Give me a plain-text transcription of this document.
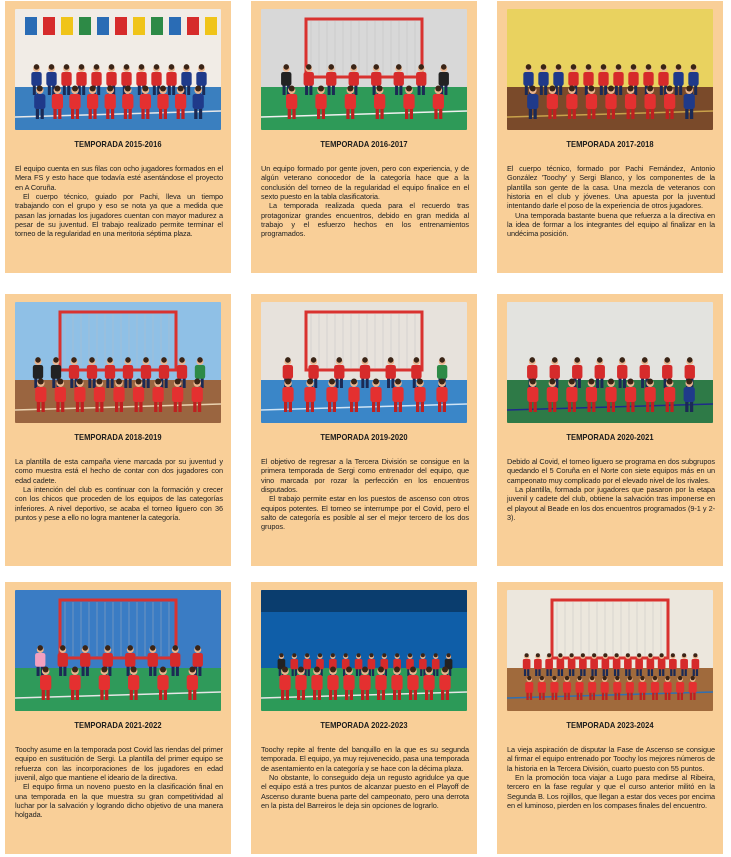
TEMPORADA 2015-2016

El equipo cuenta en sus filas con ocho jugadores formados en el Mera FS y esto hace que todavía esté asentándose el proyecto en A Coruña.

El cuerpo técnico, guiado por Pachi, lleva un tiempo trabajando con el grupo y eso se nota ya que a medida que pasan las jornadas los jugadores cuentan con mayor madurez a pesar de su juventud. El trabajo realizado permite terminar el torneo de la regularidad en una meritoria séptima plaza.

TEMPORADA 2016-2017

Un equipo formado por gente joven, pero con experiencia, y de algún veterano conocedor de la categoría hace que a la conclusión del torneo de la regularidad el equipo finalice en el sexto puesto en la tabla clasificatoria.

La temporada realizada queda para el recuerdo tras protagonizar grandes encuentros, debido en gran medida al trabajo y el esfuerzo hechos en los entrenamientos programados.

TEMPORADA 2017-2018

El cuerpo técnico, formado por Pachi Fernández, Antonio González 'Toochy' y Sergi Blanco, y los componentes de la plantilla son gente de la casa. Una mezcla de veteranos con historia en el club y jóvenes. Una apuesta por la juventud intentando darle el poso de la experiencia de otros jugadores.

Una temporada bastante buena que refuerza a la directiva en la idea de formar a los integrantes del equipo al finalizar en la undécima posición.

TEMPORADA 2018-2019

La plantilla de esta campaña viene marcada por su juventud y como muestra está el hecho de contar con dos jugadores con edad cadete.

La intención del club es continuar con la formación y crecer con los chicos que proceden de los equipos de las categorías inferiores. A nivel deportivo, se acaba el torneo liguero con 36 puntos y pese a ello no logra mantener la categoría.

TEMPORADA 2019-2020

El objetivo de regresar a la Tercera División se consigue en la primera temporada de Sergi como entrenador del equipo, que vino marcada por rozar la perfección en los encuentros disputados.

El trabajo permite estar en los puestos de ascenso con otros equipos potentes. El torneo se interrumpe por el Covid, pero el salto de categoría es posible al ser el mejor tercero de los dos grupos.

TEMPORADA 2020-2021

Debido al Covid, el torneo liguero se programa en dos subgrupos quedando el 5 Coruña en el Norte con siete equipos más en un campeonato muy complicado por el elevado nivel de los rivales.

La plantilla, formada por jugadores que pasaron por la etapa juvenil y cadete del club, obtiene la salvación tras imponerse en el playout al Beade en los dos encuentros programados (9-1 y 2-3).

TEMPORADA 2021-2022

Toochy asume en la temporada post Covid las riendas del primer equipo en sustitución de Sergi. La plantilla del primer equipo se refuerza con las incorporaciones de los jugadores en edad juvenil, algo que mantiene el ideario de la directiva.

El equipo firma un noveno puesto en la clasificación final en una temporada en la que muestra su gran competitividad al luchar por la salvación y logrando dicho objetivo de una manera holgada.

TEMPORADA 2022-2023

Toochy repite al frente del banquillo en la que es su segunda temporada. El equipo, ya muy rejuvenecido, pasa una temporada de asentamiento en la categoría y se hace con la décima plaza.

No obstante, lo conseguido deja un regusto agridulce ya que el equipo está a tres puntos de alcanzar puesto en el Playoff de Ascenso durante buena parte del campeonato, pero una derrota en la pista del Barreiros le deja sin opciones de lograrlo.

TEMPORADA 2023-2024

La vieja aspiración de disputar la Fase de Ascenso se consigue al firmar el equipo entrenado por Toochy los mejores números de la historia en la Tercera División, cuarto puesto con 55 puntos.

En la promoción toca viajar a Lugo para medirse al Ribeira, tercero en la fase regular y que el curso anterior militó en la Segunda B. Los rojillos, que llegan a estar dos veces por encima en el luminoso, pierden en los compases finales del encuentro.
